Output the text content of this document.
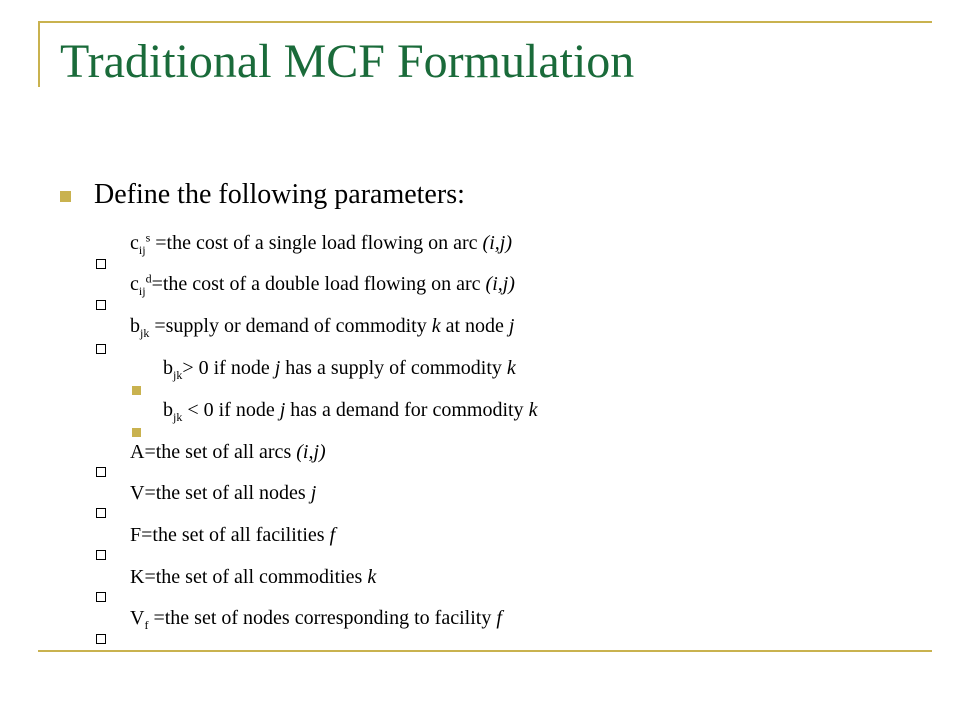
Traditional MCF Formulation
Define the following parameters:
$c_{ij}^s =the$ cost of a single load flowing on arc (i,j)
$c_{ij}^d=the$ cost of a double load flowing on arc (i,j)
$b_{jk}$ =supply or demand of commodity k at node j
$b_{jk}> 0$ if node j has a supply of commodity k
$b_{jk} < 0$ if node j has a demand for commodity k
A=the set of all arcs (i,j)
V=the set of all nodes j
F=the set of all facilities f
K=the set of all commodities k
$V_f =the$ set of nodes corresponding to facility f
